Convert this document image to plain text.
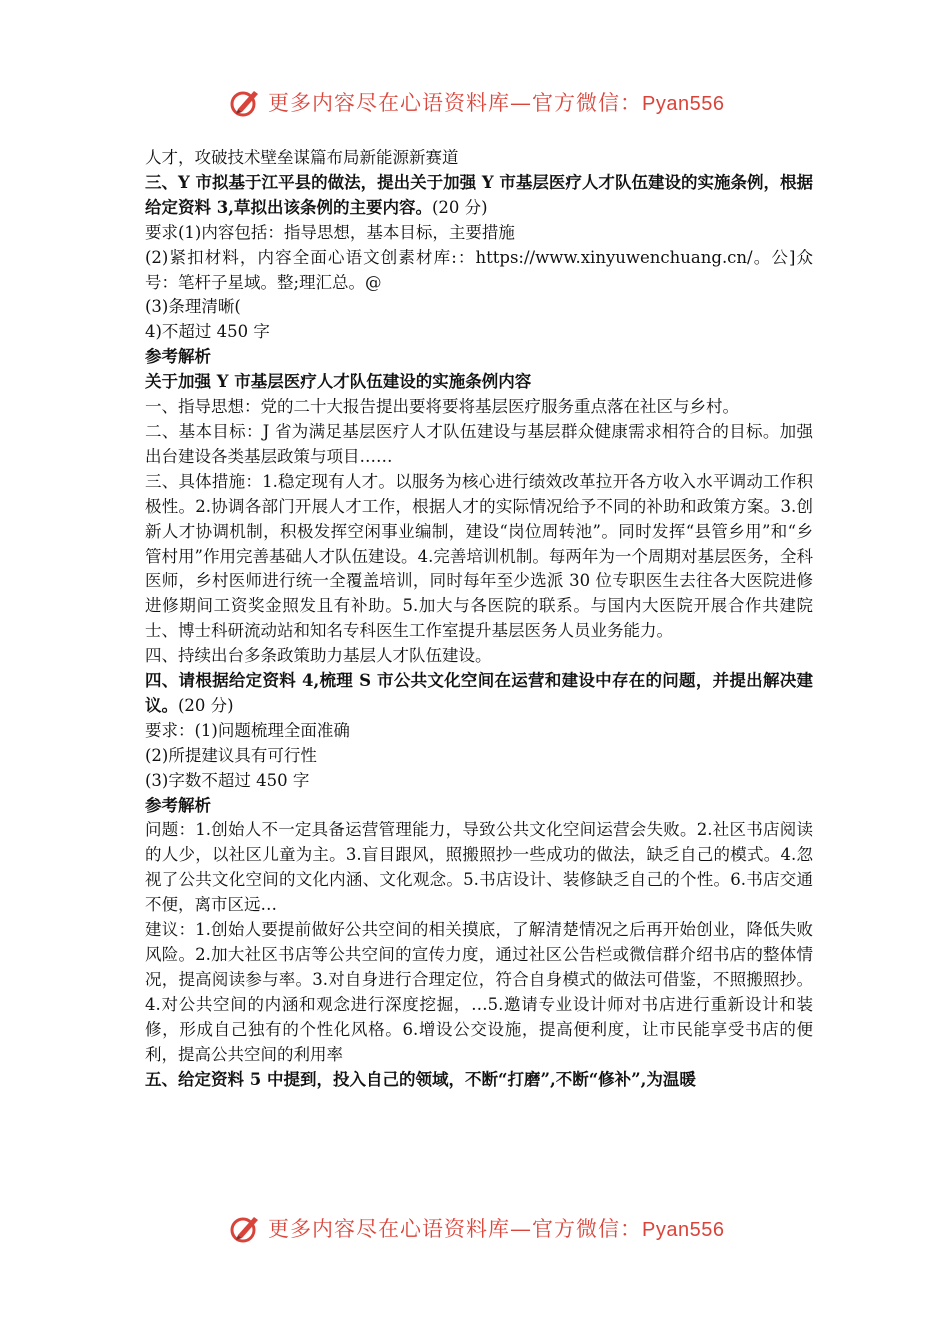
更多内容尽在心语资料库—官方微信：Pyan556

人才，攻破技术壁垒谋篇布局新能源新赛道

三、Y 市拟基于江平县的做法，提出关于加强 Y 市基层医疗人才队伍建设的实施条例，根据给定资料 3,草拟出该条例的主要内容。(20 分)

要求(1)内容包括：指导思想，基本目标，主要措施

(2)紧扣材料，内容全面心语文创素材库:：https://www.xinyuwenchuang.cn/。公]众号：笔杆子星域。整;理汇总。@

(3)条理清晰(

4)不超过 450 字

参考解析

关于加强 Y 市基层医疗人才队伍建设的实施条例内容

一、指导思想：党的二十大报告提出要将要将基层医疗服务重点落在社区与乡村。

二、基本目标：J 省为满足基层医疗人才队伍建设与基层群众健康需求相符合的目标。加强出台建设各类基层政策与项目……

三、具体措施：1.稳定现有人才。以服务为核心进行绩效改革拉开各方收入水平调动工作积极性。2.协调各部门开展人才工作，根据人才的实际情况给予不同的补助和政策方案。3.创新人才协调机制，积极发挥空闲事业编制，建设“岗位周转池”。同时发挥“县管乡用”和“乡管村用”作用完善基础人才队伍建设。4.完善培训机制。每两年为一个周期对基层医务，全科医师，乡村医师进行统一全覆盖培训，同时每年至少选派 30 位专职医生去往各大医院进修进修期间工资奖金照发且有补助。5.加大与各医院的联系。与国内大医院开展合作共建院士、博士科研流动站和知名专科医生工作室提升基层医务人员业务能力。

四、持续出台多条政策助力基层人才队伍建设。

四、请根据给定资料 4,梳理 S 市公共文化空间在运营和建设中存在的问题，并提出解决建议。(20 分)

要求：(1)问题梳理全面准确

(2)所提建议具有可行性

(3)字数不超过 450 字

参考解析

问题：1.创始人不一定具备运营管理能力，导致公共文化空间运营会失败。2.社区书店阅读的人少，以社区儿童为主。3.盲目跟风，照搬照抄一些成功的做法，缺乏自己的模式。4.忽视了公共文化空间的文化内涵、文化观念。5.书店设计、装修缺乏自己的个性。6.书店交通不便，离市区远…

建议：1.创始人要提前做好公共空间的相关摸底，了解清楚情况之后再开始创业，降低失败风险。2.加大社区书店等公共空间的宣传力度，通过社区公告栏或微信群介绍书店的整体情况，提高阅读参与率。3.对自身进行合理定位，符合自身模式的做法可借鉴，不照搬照抄。4.对公共空间的内涵和观念进行深度挖掘，…5.邀请专业设计师对书店进行重新设计和装修，形成自己独有的个性化风格。6.增设公交设施，提高便利度，让市民能享受书店的便利，提高公共空间的利用率

五、给定资料 5 中提到，投入自己的领域，不断“打磨”,不断“修补”,为温暖

更多内容尽在心语资料库—官方微信：Pyan556
